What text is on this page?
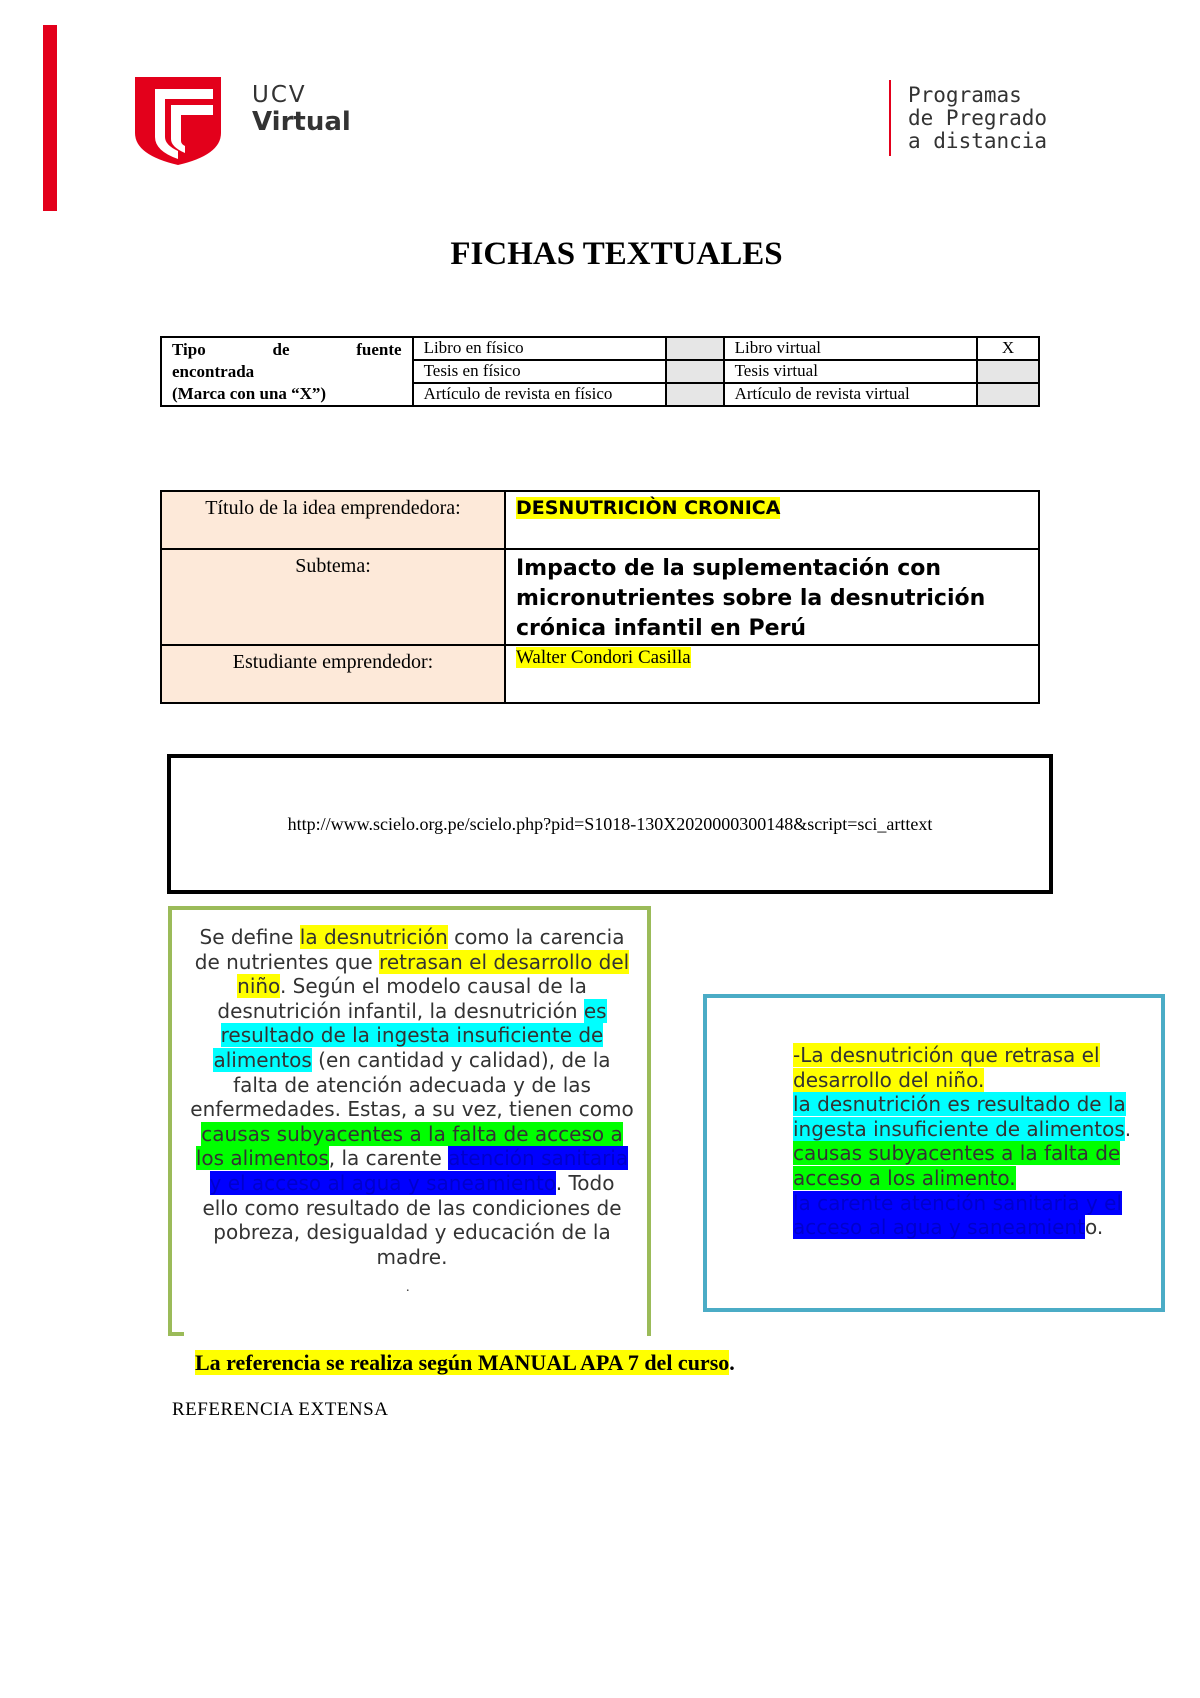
UCV
Virtual
Programas
de Pregrado
a distancia
FICHAS TEXTUALES
Tipo de fuente
encontrada
(Marca con una “X”)	Libro en físico		Libro virtual	X
	Tesis en físico		Tesis virtual	
	Artículo de revista en físico		Artículo de revista virtual	
Título de la idea emprendedora:	DESNUTRICIÒN CRONICA
Subtema:	Impacto de la suplementación con micronutrientes sobre la desnutrición crónica infantil en Perú
Estudiante emprendedor:	Walter Condori Casilla
http://www.scielo.org.pe/scielo.php?pid=S1018-130X2020000300148&script=sci_arttext
Se define la desnutrición como la carencia de nutrientes que retrasan el desarrollo del niño. Según el modelo causal de la desnutrición infantil, la desnutrición es resultado de la ingesta insuficiente de alimentos (en cantidad y calidad), de la falta de atención adecuada y de las enfermedades. Estas, a su vez, tienen como causas subyacentes a la falta de acceso a los alimentos, la carente atención sanitaria y el acceso al agua y saneamiento. Todo ello como resultado de las condiciones de pobreza, desigualdad y educación de la madre.
.
-La desnutrición que retrasa el desarrollo del niño.
la desnutrición es resultado de la ingesta insuficiente de alimentos.
causas subyacentes a la falta de acceso a los alimento.
la carente atención sanitaria y el acceso al agua y saneamiento.
La referencia se realiza según MANUAL APA 7 del curso.
REFERENCIA EXTENSA
